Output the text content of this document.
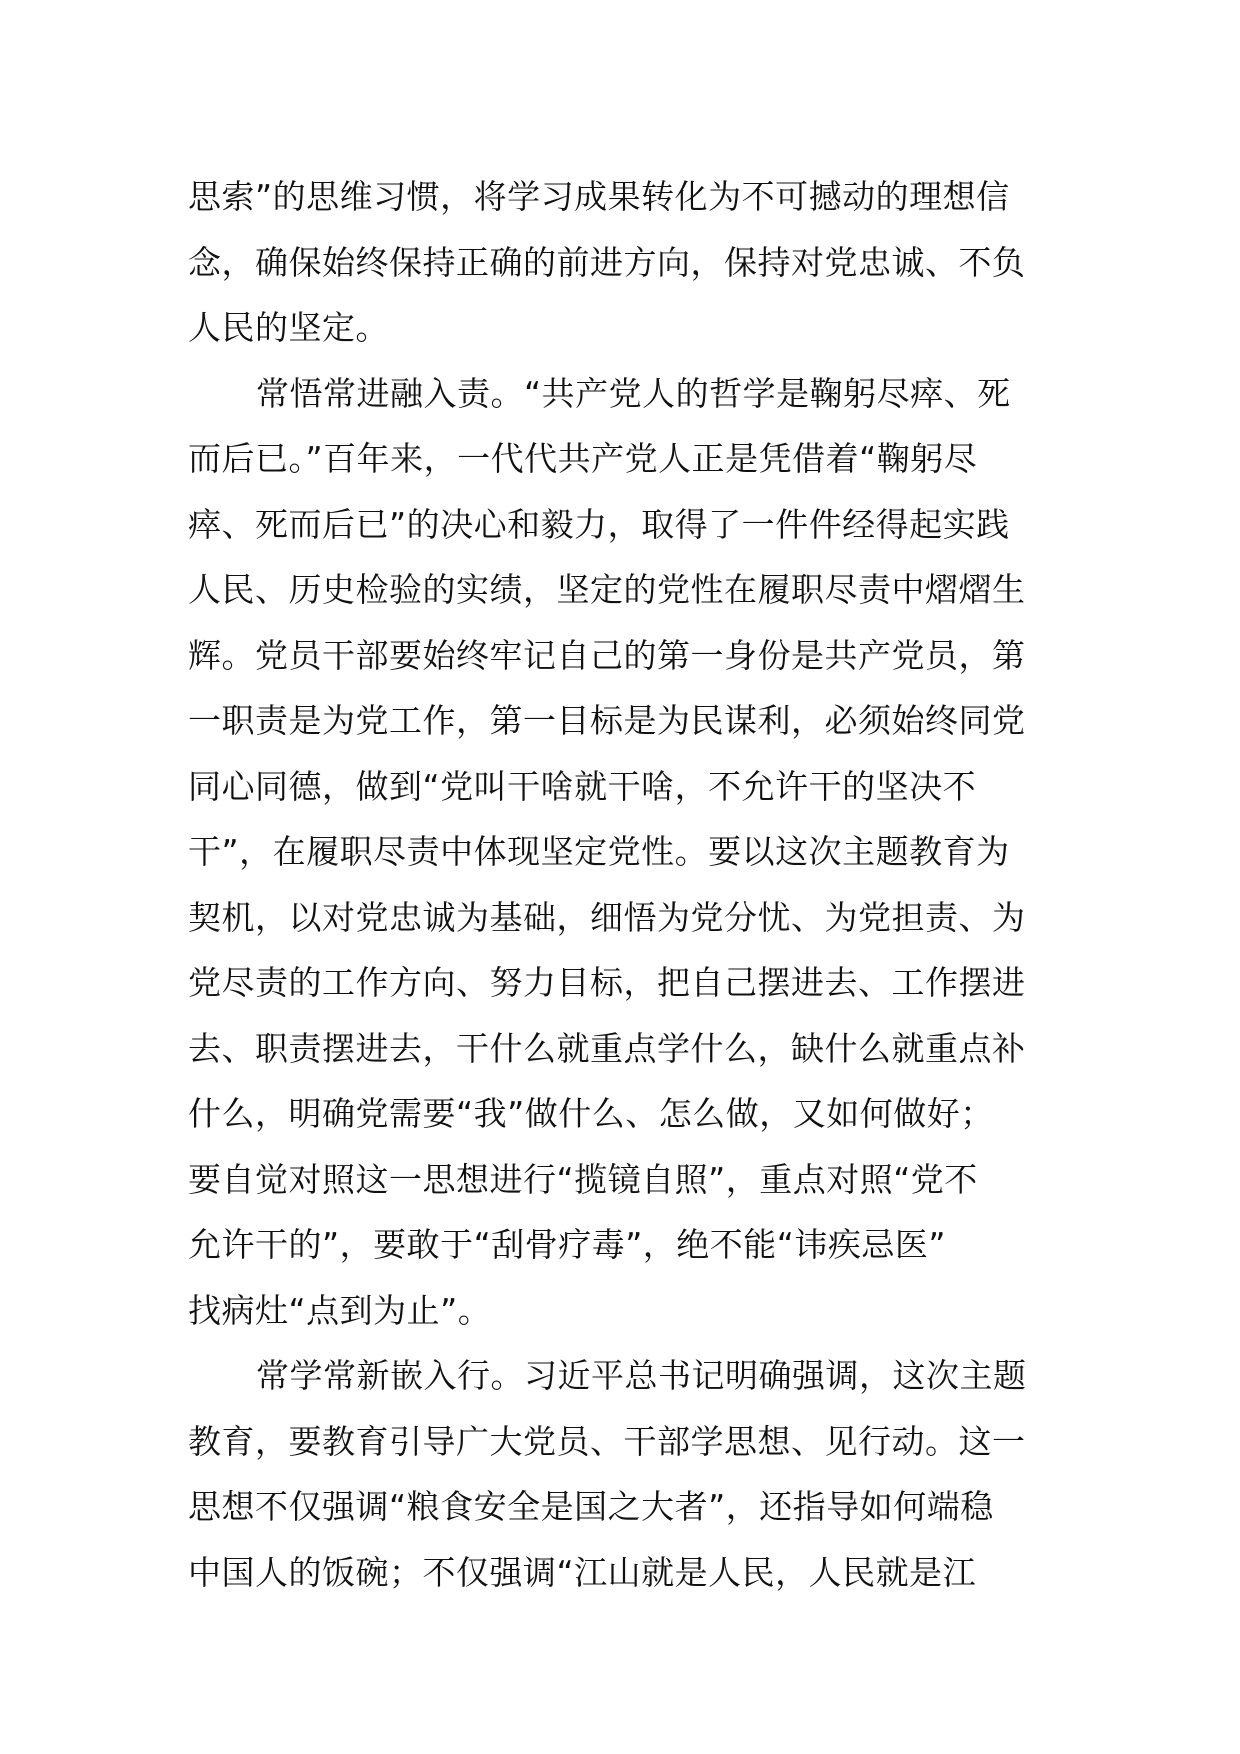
思索”的思维习惯，将学习成果转化为不可撼动的理想信
念，确保始终保持正确的前进方向，保持对党忠诚、不负
人民的坚定。
常悟常进融入责。“共产党人的哲学是鞠躬尽瘁、死
而后已。”百年来，一代代共产党人正是凭借着“鞠躬尽
瘁、死而后已”的决心和毅力，取得了一件件经得起实践
人民、历史检验的实绩，坚定的党性在履职尽责中熠熠生
辉。党员干部要始终牢记自己的第一身份是共产党员，第
一职责是为党工作，第一目标是为民谋利，必须始终同党
同心同德，做到“党叫干啥就干啥，不允许干的坚决不
干”，在履职尽责中体现坚定党性。要以这次主题教育为
契机，以对党忠诚为基础，细悟为党分忧、为党担责、为
党尽责的工作方向、努力目标，把自己摆进去、工作摆进
去、职责摆进去，干什么就重点学什么，缺什么就重点补
什么，明确党需要“我”做什么、怎么做，又如何做好；
要自觉对照这一思想进行“揽镜自照”，重点对照“党不
允许干的”，要敢于“刮骨疗毒”，绝不能“讳疾忌医”
找病灶“点到为止”。
常学常新嵌入行。习近平总书记明确强调，这次主题
教育，要教育引导广大党员、干部学思想、见行动。这一
思想不仅强调“粮食安全是国之大者”，还指导如何端稳
中国人的饭碗；不仅强调“江山就是人民，人民就是江
